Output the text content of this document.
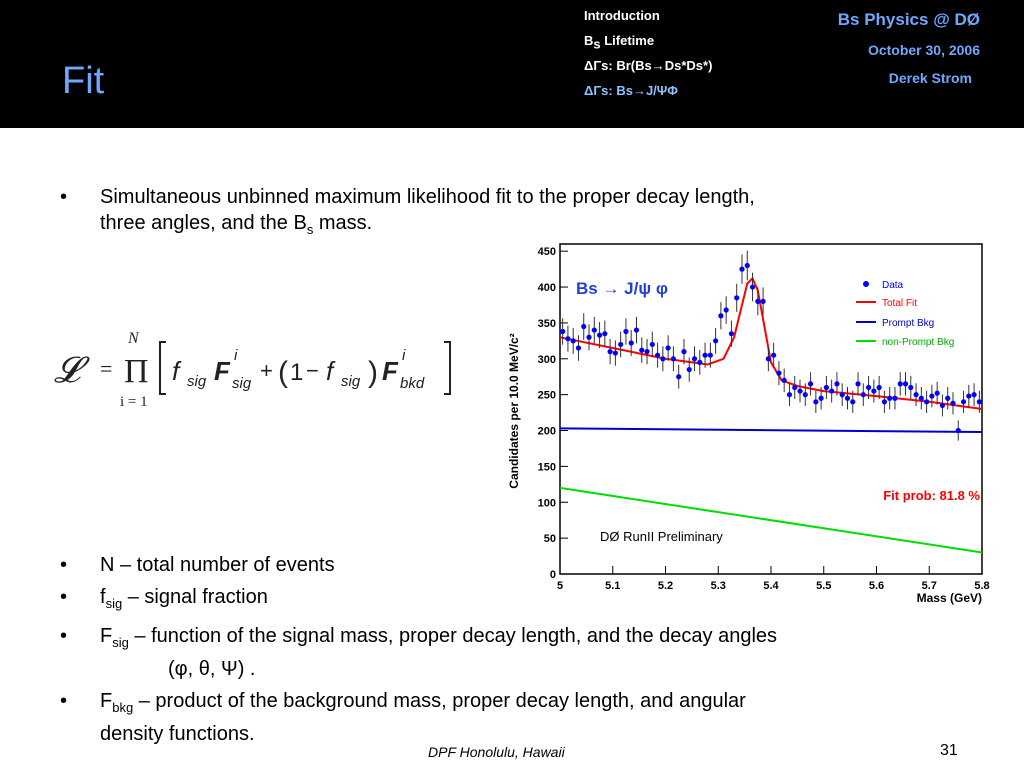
Fit
Introduction
$B_s$ Lifetime
ΔΓs: Br(Bs→Ds*Ds*)
ΔΓs: Bs→J/ΨΦ
Bs Physics @ DØ
October 30, 2006
Derek Strom
• Simultaneous unbinned maximum likelihood fit to the proper decay length,
three angles, and the $B_s$ mass.
𝓛 =
N
Π
i = 1
f sig F
i
sig
+ ( 1 − f sig ) F
i
bkd
0
50
100
150
200
250
300
350
400
450
5	5.1	5.2	5.3	5.4	5.5	5.6	5.7	5.8
Candidates per 10.0 MeV/c²
Mass (GeV)
Bs → J/ψ φ	Data
Total Fit
Prompt Bkg
non-Prompt Bkg
Fit prob: 81.8 %
DØ RunII Preliminary
• N – total number of events
• $f_{sig}$ – signal fraction
• $F_{sig}$ – function of the signal mass, proper decay length, and the decay angles
(φ, θ, Ψ) .
• $F_{bkg}$ – product of the background mass, proper decay length, and angular
density functions.
DPF Honolulu, Hawaii	31
